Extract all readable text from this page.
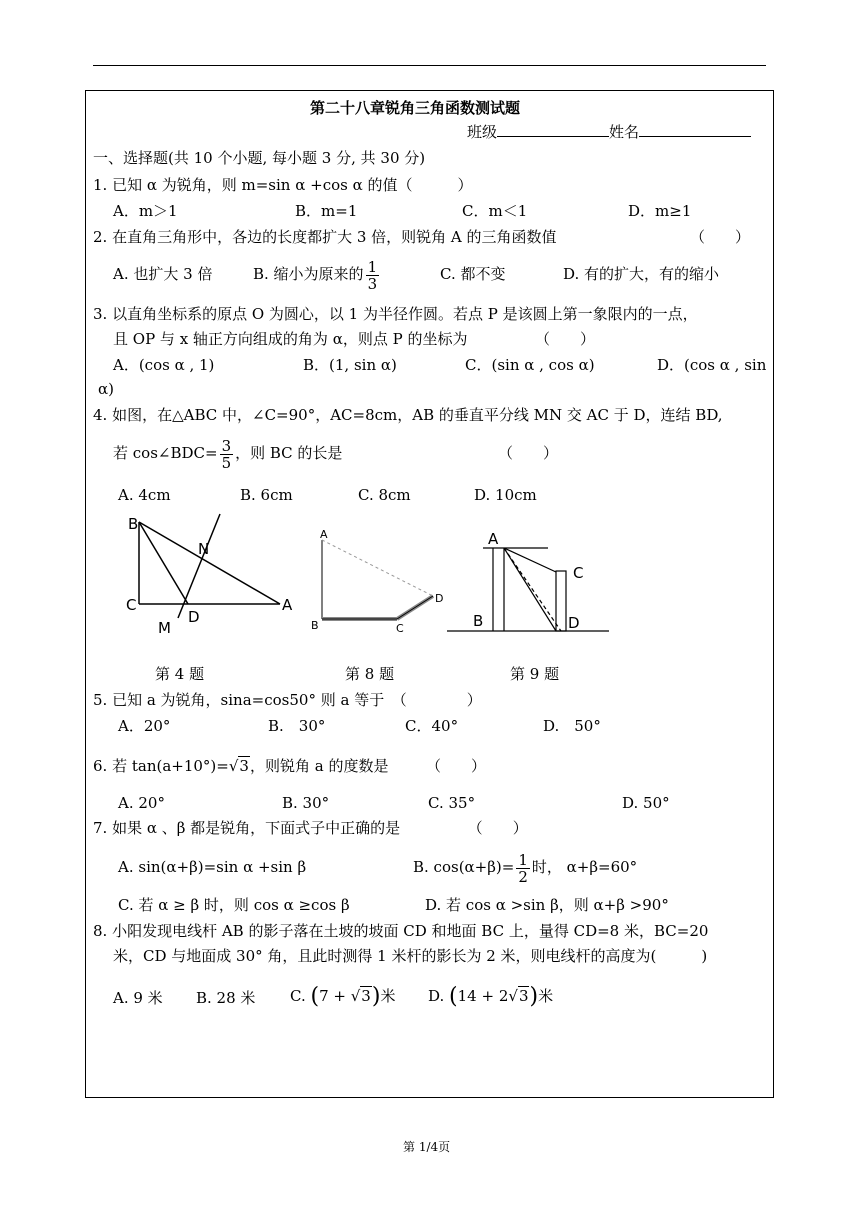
第二十八章锐角三角函数测试题
班级	姓名
一、选择题(共 10 个小题, 每小题 3 分, 共 30 分)
1. 已知 α 为锐角，则 m=sin α +cos α 的值（　　　）
A．m＞1	B．m=1	C．m＜1	D．m≥1
2. 在直角三角形中，各边的长度都扩大 3 倍，则锐角 A 的三角函数值	（　　）
A. 也扩大 3 倍	B. 缩小为原来的 $\frac{1}{3}$	C. 都不变	D. 有的扩大，有的缩小
3. 以直角坐标系的原点 O 为圆心，以 1 为半径作圆。若点 P 是该圆上第一象限内的一点，
且 OP 与 x 轴正方向组成的角为 α，则点 P 的坐标为　　　　　（　　）
A．(cos α , 1)	B．(1, sin α)	C．(sin α , cos α)	D．(cos α , sin
α)
4. 如图，在△ABC 中，∠C=90°，AC=8cm，AB 的垂直平分线 MN 交 AC 于 D，连结 BD,
若 cos∠BDC= $\frac{3}{5}$ ，则 BC 的长是	（　　）
A. 4cm	B. 6cm	C. 8cm	D. 10cm
B
N
C
D
A
M
A
B	C
D
A
B
C
D
第 4 题	第 8 题	第 9 题
5. 已知 a 为锐角，sina=cos50° 则 a 等于　（　　　　）
A．20°	B.　30°	C．40°	D.　50°
6. 若 tan(a+10°)=√3，则锐角 a 的度数是　　　（　　）
A. 20°	B. 30°	C. 35°	D. 50°
7. 如果 α 、β 都是锐角，下面式子中正确的是　　　　　（　　）
A. sin(α+β)=sin α +sin β	B. $\cos(\alpha+\beta)= \frac{1}{2}$ 时， α+β=60°
C. 若 α ≥ β 时，则 cos α ≥cos β	D. 若 cos α >sin β，则 α+β >90°
8. 小阳发现电线杆 AB 的影子落在土坡的坡面 CD 和地面 BC 上，量得 CD=8 米，BC=20
米，CD 与地面成 30° 角，且此时测得 1 米杆的影长为 2 米，则电线杆的高度为(　　　)
A. 9 米 B. 28 米 C. (7 + √3)米 D. (14 + 2√3)米
第 1/4页
